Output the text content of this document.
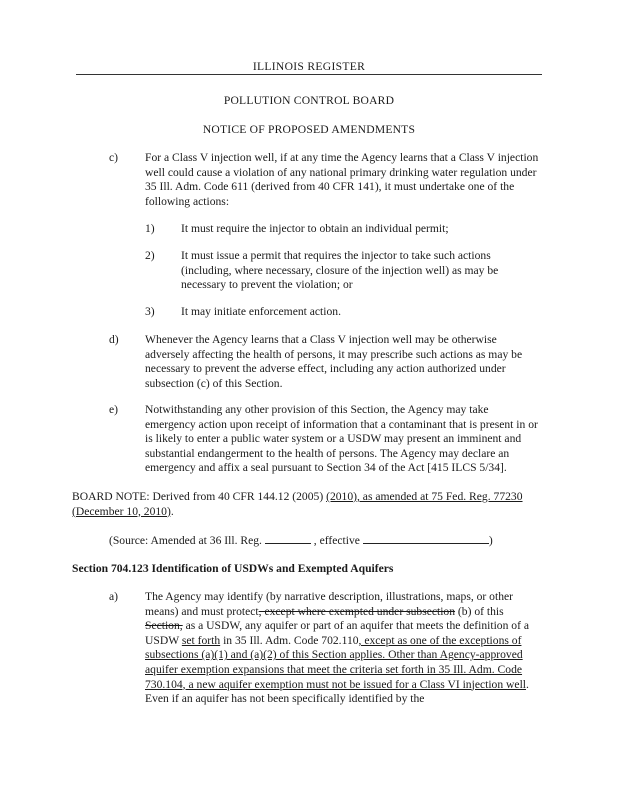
ILLINOIS REGISTER
POLLUTION CONTROL BOARD
NOTICE OF PROPOSED AMENDMENTS
c) For a Class V injection well, if at any time the Agency learns that a Class V injection well could cause a violation of any national primary drinking water regulation under 35 Ill. Adm. Code 611 (derived from 40 CFR 141), it must undertake one of the following actions:
1) It must require the injector to obtain an individual permit;
2) It must issue a permit that requires the injector to take such actions (including, where necessary, closure of the injection well) as may be necessary to prevent the violation; or
3) It may initiate enforcement action.
d) Whenever the Agency learns that a Class V injection well may be otherwise adversely affecting the health of persons, it may prescribe such actions as may be necessary to prevent the adverse effect, including any action authorized under subsection (c) of this Section.
e) Notwithstanding any other provision of this Section, the Agency may take emergency action upon receipt of information that a contaminant that is present in or is likely to enter a public water system or a USDW may present an imminent and substantial endangerment to the health of persons. The Agency may declare an emergency and affix a seal pursuant to Section 34 of the Act [415 ILCS 5/34].
BOARD NOTE: Derived from 40 CFR 144.12 (2005) (2010), as amended at 75 Fed. Reg. 77230 (December 10, 2010).
(Source: Amended at 36 Ill. Reg.	, effective	)
Section 704.123 Identification of USDWs and Exempted Aquifers
a) The Agency may identify (by narrative description, illustrations, maps, or other means) and must protect, except where exempted under subsection (b) of this Section, as a USDW, any aquifer or part of an aquifer that meets the definition of a USDW set forth in 35 Ill. Adm. Code 702.110, except as one of the exceptions of subsections (a)(1) and (a)(2) of this Section applies. Other than Agency-approved aquifer exemption expansions that meet the criteria set forth in 35 Ill. Adm. Code 730.104, a new aquifer exemption must not be issued for a Class VI injection well. Even if an aquifer has not been specifically identified by the
